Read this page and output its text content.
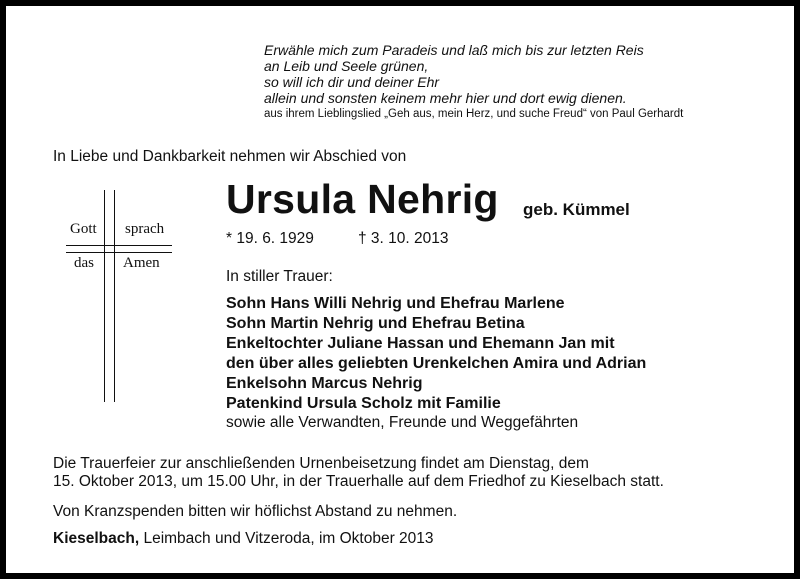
Erwähle mich zum Paradeis und laß mich bis zur letzten Reis
an Leib und Seele grünen,
so will ich dir und deiner Ehr
allein und sonsten keinem mehr hier und dort ewig dienen.
aus ihrem Lieblingslied „Geh aus, mein Herz, und suche Freud“ von Paul Gerhardt
In Liebe und Dankbarkeit nehmen wir Abschied von
Gott sprach
das Amen
Ursula Nehrig geb. Kümmel
* 19. 6. 1929	† 3. 10. 2013
In stiller Trauer:
Sohn Hans Willi Nehrig und Ehefrau Marlene
Sohn Martin Nehrig und Ehefrau Betina
Enkeltochter Juliane Hassan und Ehemann Jan mit
den über alles geliebten Urenkelchen Amira und Adrian
Enkelsohn Marcus Nehrig
Patenkind Ursula Scholz mit Familie
sowie alle Verwandten, Freunde und Weggefährten
Die Trauerfeier zur anschließenden Urnenbeisetzung findet am Dienstag, dem
15. Oktober 2013, um 15.00 Uhr, in der Trauerhalle auf dem Friedhof zu Kieselbach statt.
Von Kranzspenden bitten wir höflichst Abstand zu nehmen.
Kieselbach, Leimbach und Vitzeroda, im Oktober 2013
